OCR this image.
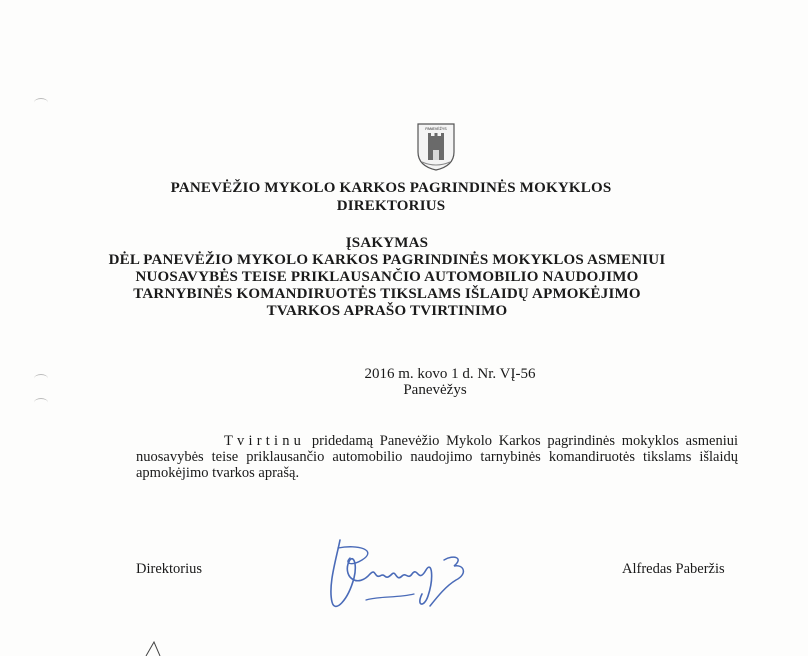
PANEVĖŽYS
PANEVĖŽIO MYKOLO KARKOS PAGRINDINĖS MOKYKLOS
DIREKTORIUS
ĮSAKYMAS
DĖL PANEVĖŽIO MYKOLO KARKOS PAGRINDINĖS MOKYKLOS ASMENIUI
NUOSAVYBĖS TEISE PRIKLAUSANČIO AUTOMOBILIO NAUDOJIMO
TARNYBINĖS KOMANDIRUOTĖS TIKSLAMS IŠLAIDŲ APMOKĖJIMO
TVARKOS APRAŠO TVIRTINIMO
2016 m. kovo 1 d. Nr. VĮ-56
Panevėžys
Tvirtinu pridedamą Panevėžio Mykolo Karkos pagrindinės mokyklos asmeniui nuosavybės teise priklausančio automobilio naudojimo tarnybinės komandiruotės tikslams išlaidų apmokėjimo tvarkos aprašą.
Direktorius	Alfredas Paberžis
